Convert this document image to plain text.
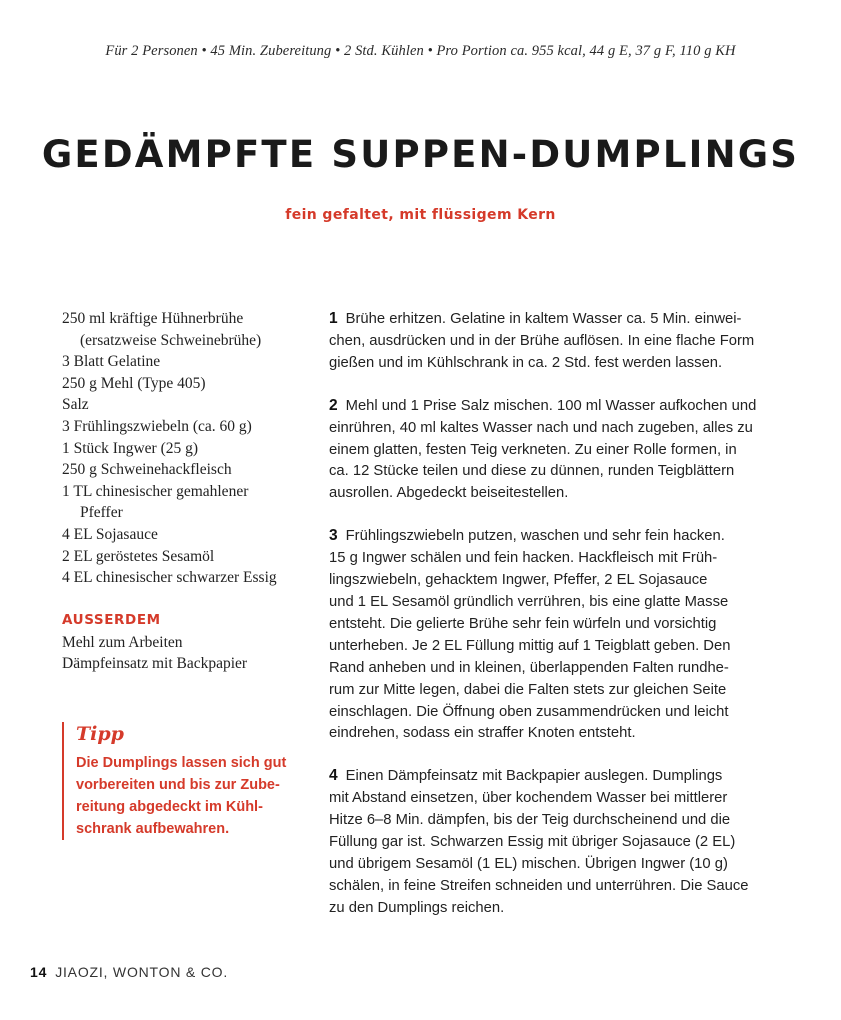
Für 2 Personen • 45 Min. Zubereitung • 2 Std. Kühlen • Pro Portion ca. 955 kcal, 44 g E, 37 g F, 110 g KH
GEDÄMPFTE SUPPEN-DUMPLINGS
fein gefaltet, mit flüssigem Kern
250 ml kräftige Hühnerbrühe
(ersatzweise Schweinebrühe)
3 Blatt Gelatine
250 g Mehl (Type 405)
Salz
3 Frühlingszwiebeln (ca. 60 g)
1 Stück Ingwer (25 g)
250 g Schweinehackfleisch
1 TL chinesischer gemahlener
Pfeffer
4 EL Sojasauce
2 EL geröstetes Sesamöl
4 EL chinesischer schwarzer Essig
AUSSERDEM
Mehl zum Arbeiten
Dämpfeinsatz mit Backpapier
Tipp
Die Dumplings lassen sich gut
vorbereiten und bis zur Zube-
reitung abgedeckt im Kühl-
schrank aufbewahren.
1 Brühe erhitzen. Gelatine in kaltem Wasser ca. 5 Min. einwei-
chen, ausdrücken und in der Brühe auflösen. In eine flache Form
gießen und im Kühlschrank in ca. 2 Std. fest werden lassen.
2 Mehl und 1 Prise Salz mischen. 100 ml Wasser aufkochen und
einrühren, 40 ml kaltes Wasser nach und nach zugeben, alles zu
einem glatten, festen Teig verkneten. Zu einer Rolle formen, in
ca. 12 Stücke teilen und diese zu dünnen, runden Teigblättern
ausrollen. Abgedeckt beiseitestellen.
3 Frühlingszwiebeln putzen, waschen und sehr fein hacken.
15 g Ingwer schälen und fein hacken. Hackfleisch mit Früh-
lingszwiebeln, gehacktem Ingwer, Pfeffer, 2 EL Sojasauce
und 1 EL Sesamöl gründlich verrühren, bis eine glatte Masse
entsteht. Die gelierte Brühe sehr fein würfeln und vorsichtig
unterheben. Je 2 EL Füllung mittig auf 1 Teigblatt geben. Den
Rand anheben und in kleinen, überlappenden Falten rundhe-
rum zur Mitte legen, dabei die Falten stets zur gleichen Seite
einschlagen. Die Öffnung oben zusammendrücken und leicht
eindrehen, sodass ein straffer Knoten entsteht.
4 Einen Dämpfeinsatz mit Backpapier auslegen. Dumplings
mit Abstand einsetzen, über kochendem Wasser bei mittlerer
Hitze 6–8 Min. dämpfen, bis der Teig durchscheinend und die
Füllung gar ist. Schwarzen Essig mit übriger Sojasauce (2 EL)
und übrigem Sesamöl (1 EL) mischen. Übrigen Ingwer (10 g)
schälen, in feine Streifen schneiden und unterrühren. Die Sauce
zu den Dumplings reichen.
14 JIAOZI, WONTON & CO.
